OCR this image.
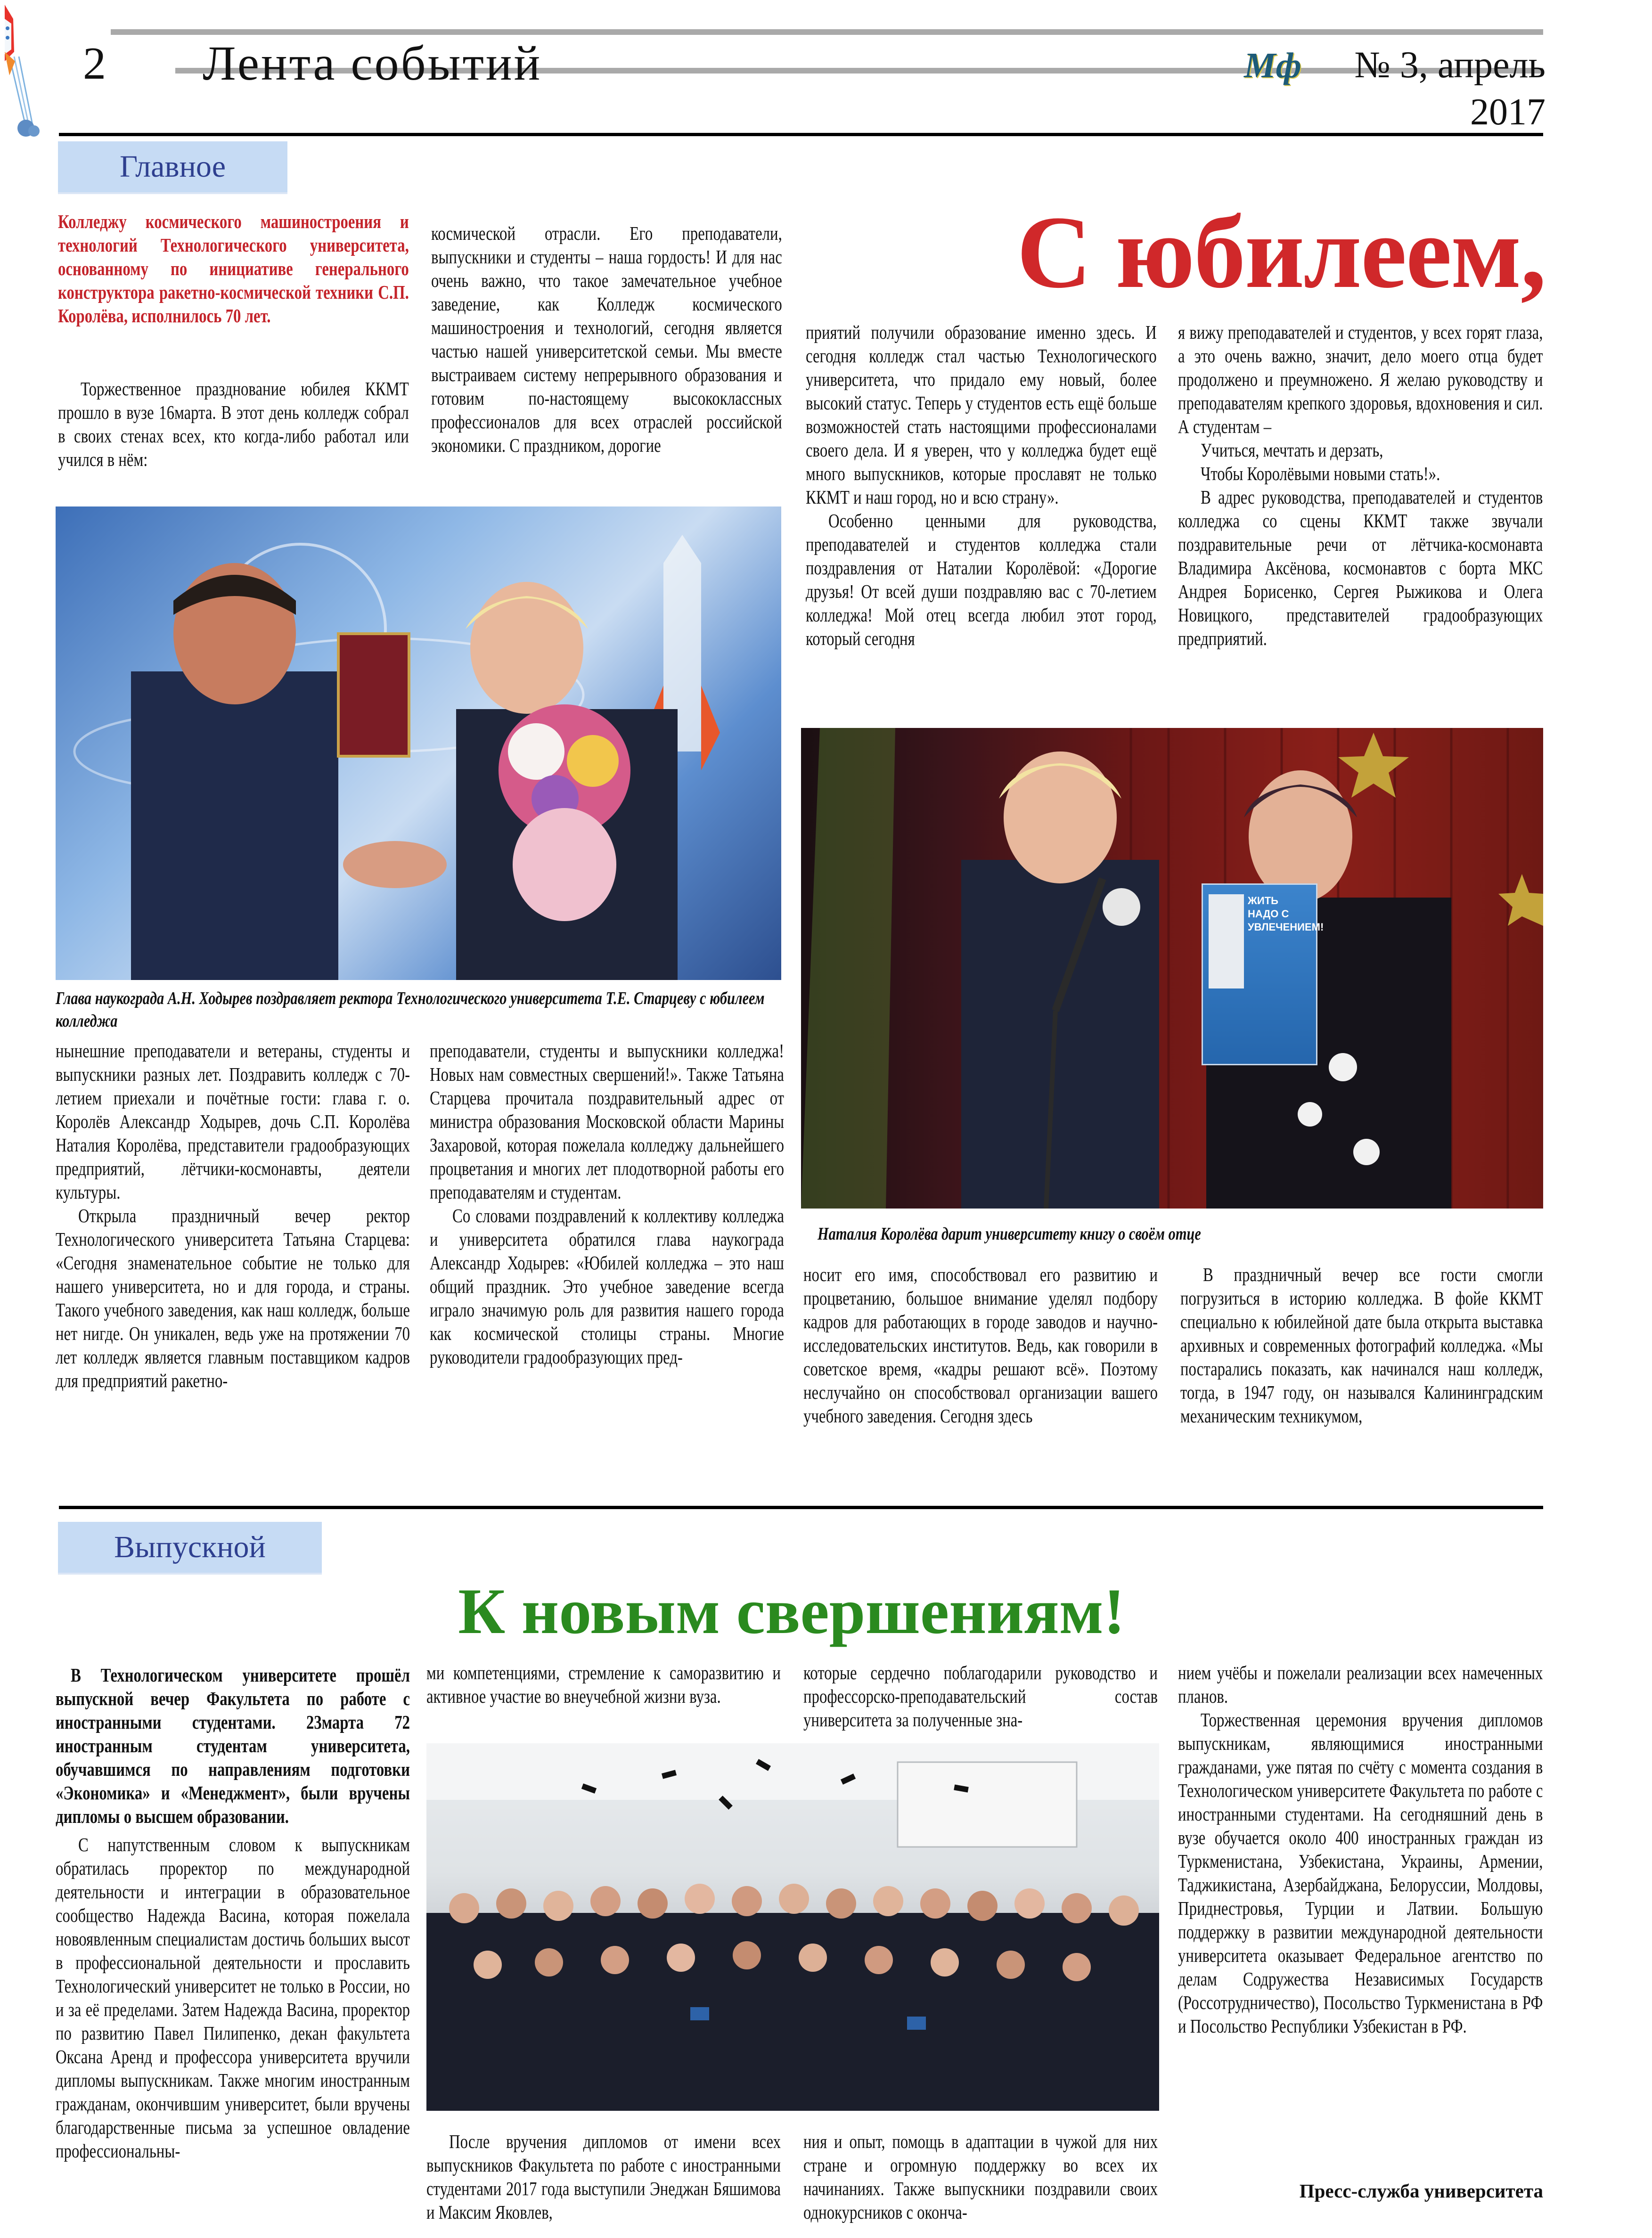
2 Лента событий	Мф	№ 3, апрель 2017
Главное
С юбилеем,
Колледжу космического машиностроения и технологий Технологического университета, основанному по инициативе генерального конструктора ракетно-космической техники С.П. Королёва, исполнилось 70 лет.

Торжественное празднование юбилея ККМТ прошло в вузе 16марта. В этот день колледж собрал в своих стенах всех, кто когда-либо работал или учился в нём:

космической отрасли. Его преподаватели, выпускники и студенты – наша гордость! И для нас очень важно, что такое замечательное учебное заведение, как Колледж космического машиностроения и технологий, сегодня является частью нашей университетской семьи. Мы вместе выстраиваем систему непрерывного образования и готовим по-настоящему высококлассных профессионалов для всех отраслей российской экономики. С праздником, дорогие

приятий получили образование именно здесь. И сегодня колледж стал частью Технологического университета, что придало ему новый, более высокий статус. Теперь у студентов есть ещё больше возможностей стать настоящими профессионалами своего дела. И я уверен, что у колледжа будет ещё много выпускников, которые прославят не только ККМТ и наш город, но и всю страну».

Особенно ценными для руководства, преподавателей и студентов колледжа стали поздравления от Наталии Королёвой: «Дорогие друзья! От всей души поздравляю вас с 70-летием колледжа! Мой отец всегда любил этот город, который сегодня

я вижу преподавателей и студентов, у всех горят глаза, а это очень важно, значит, дело моего отца будет продолжено и преумножено. Я желаю руководству и преподавателям крепкого здоровья, вдохновения и сил. А студентам –

Учиться, мечтать и дерзать,

Чтобы Королёвыми новыми стать!».

В адрес руководства, преподавателей и студентов колледжа со сцены ККМТ также звучали поздравительные речи от лётчика-космонавта Владимира Аксёнова, космонавтов с борта МКС Андрея Борисенко, Сергея Рыжикова и Олега Новицкого, представителей градообразующих предприятий.

Глава наукограда А.Н. Ходырев поздравляет ректора Технологического университета Т.Е. Старцеву с юбилеем колледжа
ЖИТЬ НАДО С УВЛЕЧЕНИЕМ!
Наталия Королёва дарит университету книгу о своём отце

нынешние преподаватели и ветераны, студенты и выпускники разных лет. Поздравить колледж с 70-летием приехали и почётные гости: глава г. о. Королёв Александр Ходырев, дочь С.П. Королёва Наталия Королёва, представители градообразующих предприятий, лётчики-космонавты, деятели культуры.

Открыла праздничный вечер ректор Технологического университета Татьяна Старцева: «Сегодня знаменательное событие не только для нашего университета, но и для города, и страны. Такого учебного заведения, как наш колледж, больше нет нигде. Он уникален, ведь уже на протяжении 70 лет колледж является главным поставщиком кадров для предприятий ракетно-

преподаватели, студенты и выпускники колледжа! Новых нам совместных свершений!». Также Татьяна Старцева прочитала поздравительный адрес от министра образования Московской области Марины Захаровой, которая пожелала колледжу дальнейшего процветания и многих лет плодотворной работы его преподавателям и студентам.

Со словами поздравлений к коллективу колледжа и университета обратился глава наукограда Александр Ходырев: «Юбилей колледжа – это наш общий праздник. Это учебное заведение всегда играло значимую роль для развития нашего города как космической столицы страны. Многие руководители градообразующих пред-

носит его имя, способствовал его развитию и процветанию, большое внимание уделял подбору кадров для работающих в городе заводов и научно-исследовательских институтов. Ведь, как говорили в советское время, «кадры решают всё». Поэтому неслучайно он способствовал организации вашего учебного заведения. Сегодня здесь

В праздничный вечер все гости смогли погрузиться в историю колледжа. В фойе ККМТ специально к юбилейной дате была открыта выставка архивных и современных фотографий колледжа. «Мы постарались показать, как начинался наш колледж, тогда, в 1947 году, он назывался Калининградским механическим техникумом,

Выпускной
К новым свершениям!
В Технологическом университете прошёл выпускной вечер Факультета по работе с иностранными студентами. 23марта 72 иностранным студентам университета, обучавшимся по направлениям подготовки «Экономика» и «Менеджмент», были вручены дипломы о высшем образовании.

С напутственным словом к выпускникам обратилась проректор по международной деятельности и интеграции в образовательное сообщество Надежда Васина, которая пожелала новоявленным специалистам достичь больших высот в профессиональной деятельности и прославить Технологический университет не только в России, но и за её пределами. Затем Надежда Васина, проректор по развитию Павел Пилипенко, декан факультета Оксана Аренд и профессора университета вручили дипломы выпускникам. Также многим иностранным гражданам, окончившим университет, были вручены благодарственные письма за успешное овладение профессиональны-

ми компетенциями, стремление к саморазвитию и активное участие во внеучебной жизни вуза.

которые сердечно поблагодарили руководство и профессорско-преподавательский состав университета за полученные зна-

После вручения дипломов от имени всех выпускников Факультета по работе с иностранными студентами 2017 года выступили Энеджан Бяшимова и Максим Яковлев,

ния и опыт, помощь в адаптации в чужой для них стране и огромную поддержку во всех их начинаниях. Также выпускники поздравили своих однокурсников с оконча-

нием учёбы и пожелали реализации всех намеченных планов.

Торжественная церемония вручения дипломов выпускникам, являющимися иностранными гражданами, уже пятая по счёту с момента создания в Технологическом университете Факультета по работе с иностранными студентами. На сегодняшний день в вузе обучается около 400 иностранных граждан из Туркменистана, Узбекистана, Украины, Армении, Таджикистана, Азербайджана, Белоруссии, Молдовы, Приднестровья, Турции и Латвии. Большую поддержку в развитии международной деятельности университета оказывает Федеральное агентство по делам Содружества Независимых Государств (Россотрудничество), Посольство Туркменистана в РФ и Посольство Республики Узбекистан в РФ.

Пресс-служба университета
